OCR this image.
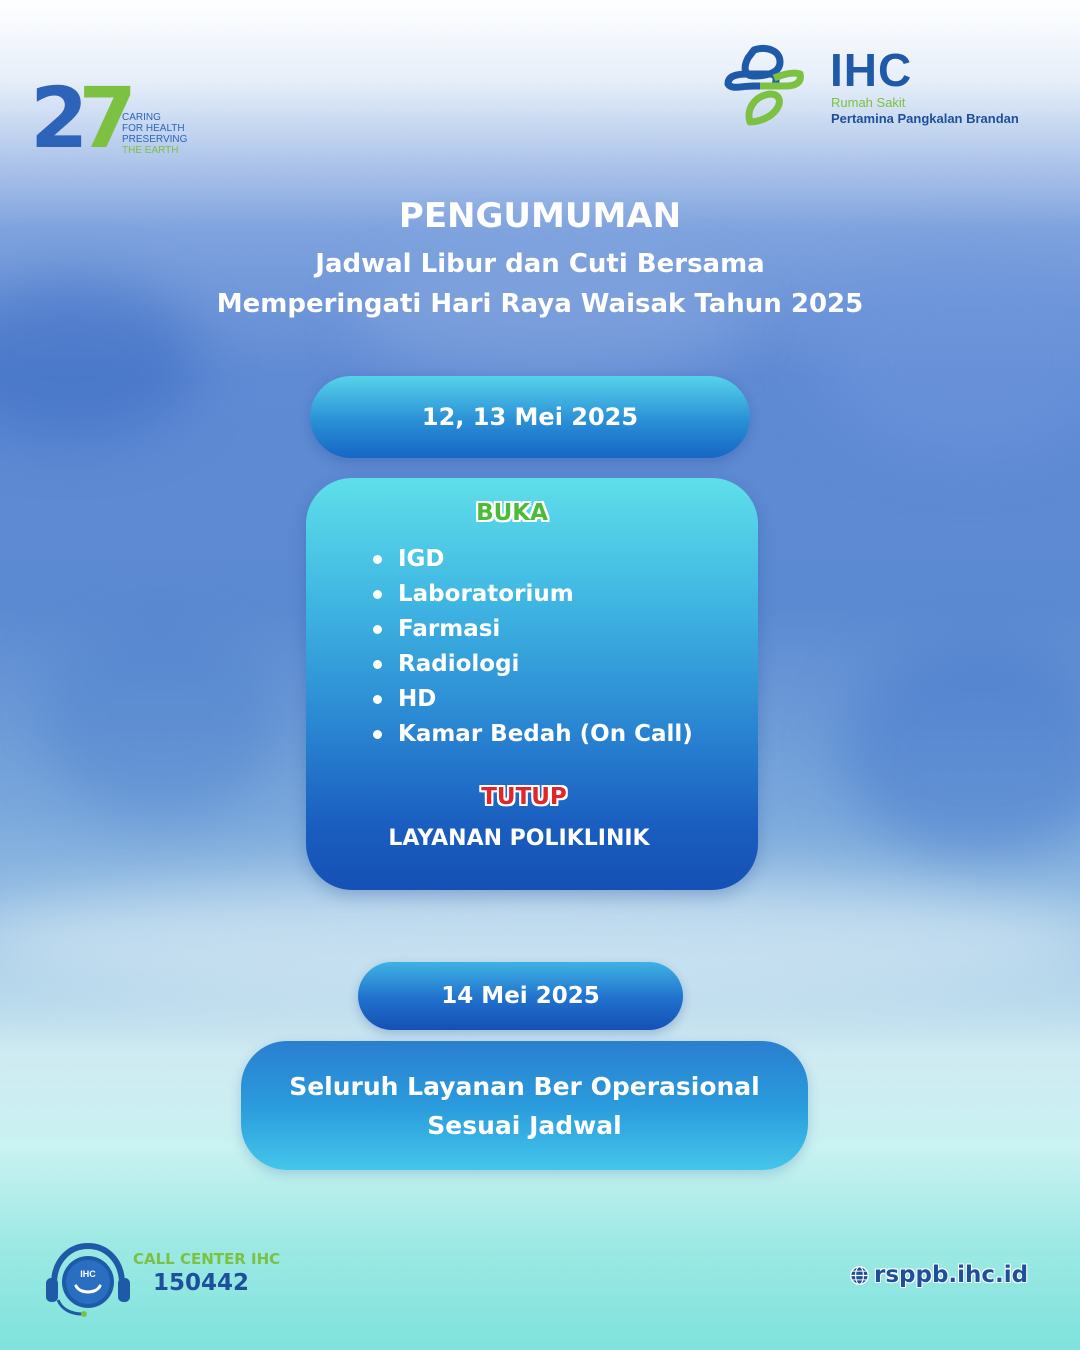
27
CARING
FOR HEALTH
PRESERVING
THE EARTH
IHC
Rumah Sakit
Pertamina Pangkalan Brandan
PENGUMUMAN
Jadwal Libur dan Cuti Bersama
Memperingati Hari Raya Waisak Tahun 2025
12, 13 Mei 2025
BUKA
IGD
Laboratorium
Farmasi
Radiologi
HD
Kamar Bedah (On Call)
TUTUP
LAYANAN POLIKLINIK
14 Mei 2025
Seluruh Layanan Ber Operasional
Sesuai Jadwal
IHC
CALL CENTER IHC
150442	rsppb.ihc.id
